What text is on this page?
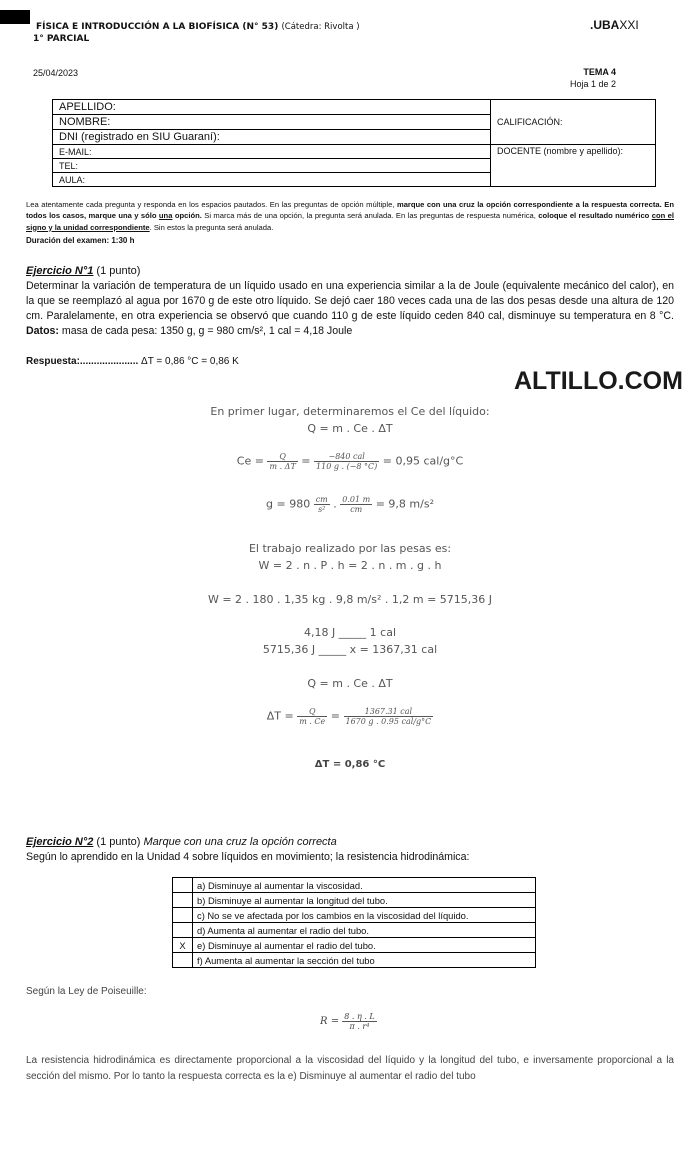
FÍSICA E INTRODUCCIÓN A LA BIOFÍSICA (N° 53) (Cátedra: Rivolta )
1° PARCIAL
.UBAXXI
25/04/2023	TEMA 4
Hoja 1 de 2
APELLIDO:	CALIFICACIÓN:
NOMBRE:	
DNI (registrado en SIU Guaraní):	
E-MAIL:	DOCENTE (nombre y apellido):
TEL:	
AULA:	
Lea atentamente cada pregunta y responda en los espacios pautados. En las preguntas de opción múltiple, marque con una cruz la opción correspondiente a la respuesta correcta. En todos los casos, marque una y sólo una opción. Si marca más de una opción, la pregunta será anulada. En las preguntas de respuesta numérica, coloque el resultado numérico con el signo y la unidad correspondiente. Sin estos la pregunta será anulada.
Duración del examen: 1:30 h
Ejercicio N°1 (1 punto)
Determinar la variación de temperatura de un líquido usado en una experiencia similar a la de Joule (equivalente mecánico del calor), en la que se reemplazó al agua por 1670 g de este otro líquido. Se dejó caer 180 veces cada una de las dos pesas desde una altura de 120 cm. Paralelamente, en otra experiencia se observó que cuando 110 g de este líquido ceden 840 cal, disminuye su temperatura en 8 °C. Datos: masa de cada pesa: 1350 g, g = 980 cm/s², 1 cal = 4,18 Joule
Respuesta:..................... ΔT = 0,86 °C = 0,86 K
ALTILLO.COM
En primer lugar, determinaremos el Ce del líquido:
Q = m . Ce . ΔT
$Ce = \frac{Q}{m . \Delta T} = \frac{\text{−840 cal}}{110 g . (-8 ^\circ C)} = 0,95$ cal/g°C
$g = 980 \frac{cm}{\text{s²}}$ . $\frac{0.01 m}{cm} = 9,8$ m/s²
El trabajo realizado por las pesas es:
W = 2 . n . P . h = 2 . n . m . g . h
W = 2 . 180 . 1,35 kg . 9,8 m/s² . 1,2 m = 5715,36 J
4,18 J _____ 1 cal
5715,36 J _____ x = 1367,31 cal
Q = m . Ce . ΔT
$\Delta T = \frac{Q}{m . Ce} = \frac{\text{1367.31 cal}}{\text{1670 g . 0.95 cal/g°C}}$
ΔT = 0,86 °C
Ejercicio N°2 (1 punto) Marque con una cruz la opción correcta
Según lo aprendido en la Unidad 4 sobre líquidos en movimiento; la resistencia hidrodinámica:
	a) Disminuye al aumentar la viscosidad.
	b) Disminuye al aumentar la longitud del tubo.
	c) No se ve afectada por los cambios en la viscosidad del líquido.
	d) Aumenta al aumentar el radio del tubo.
X	e) Disminuye al aumentar el radio del tubo.
	f) Aumenta al aumentar la sección del tubo
Según la Ley de Poiseuille:
$R = \frac{8 . \eta . L}{\text{π . r⁴}}$
La resistencia hidrodinámica es directamente proporcional a la viscosidad del líquido y la longitud del tubo, e inversamente proporcional a la sección del mismo. Por lo tanto la respuesta correcta es la e) Disminuye al aumentar el radio del tubo
